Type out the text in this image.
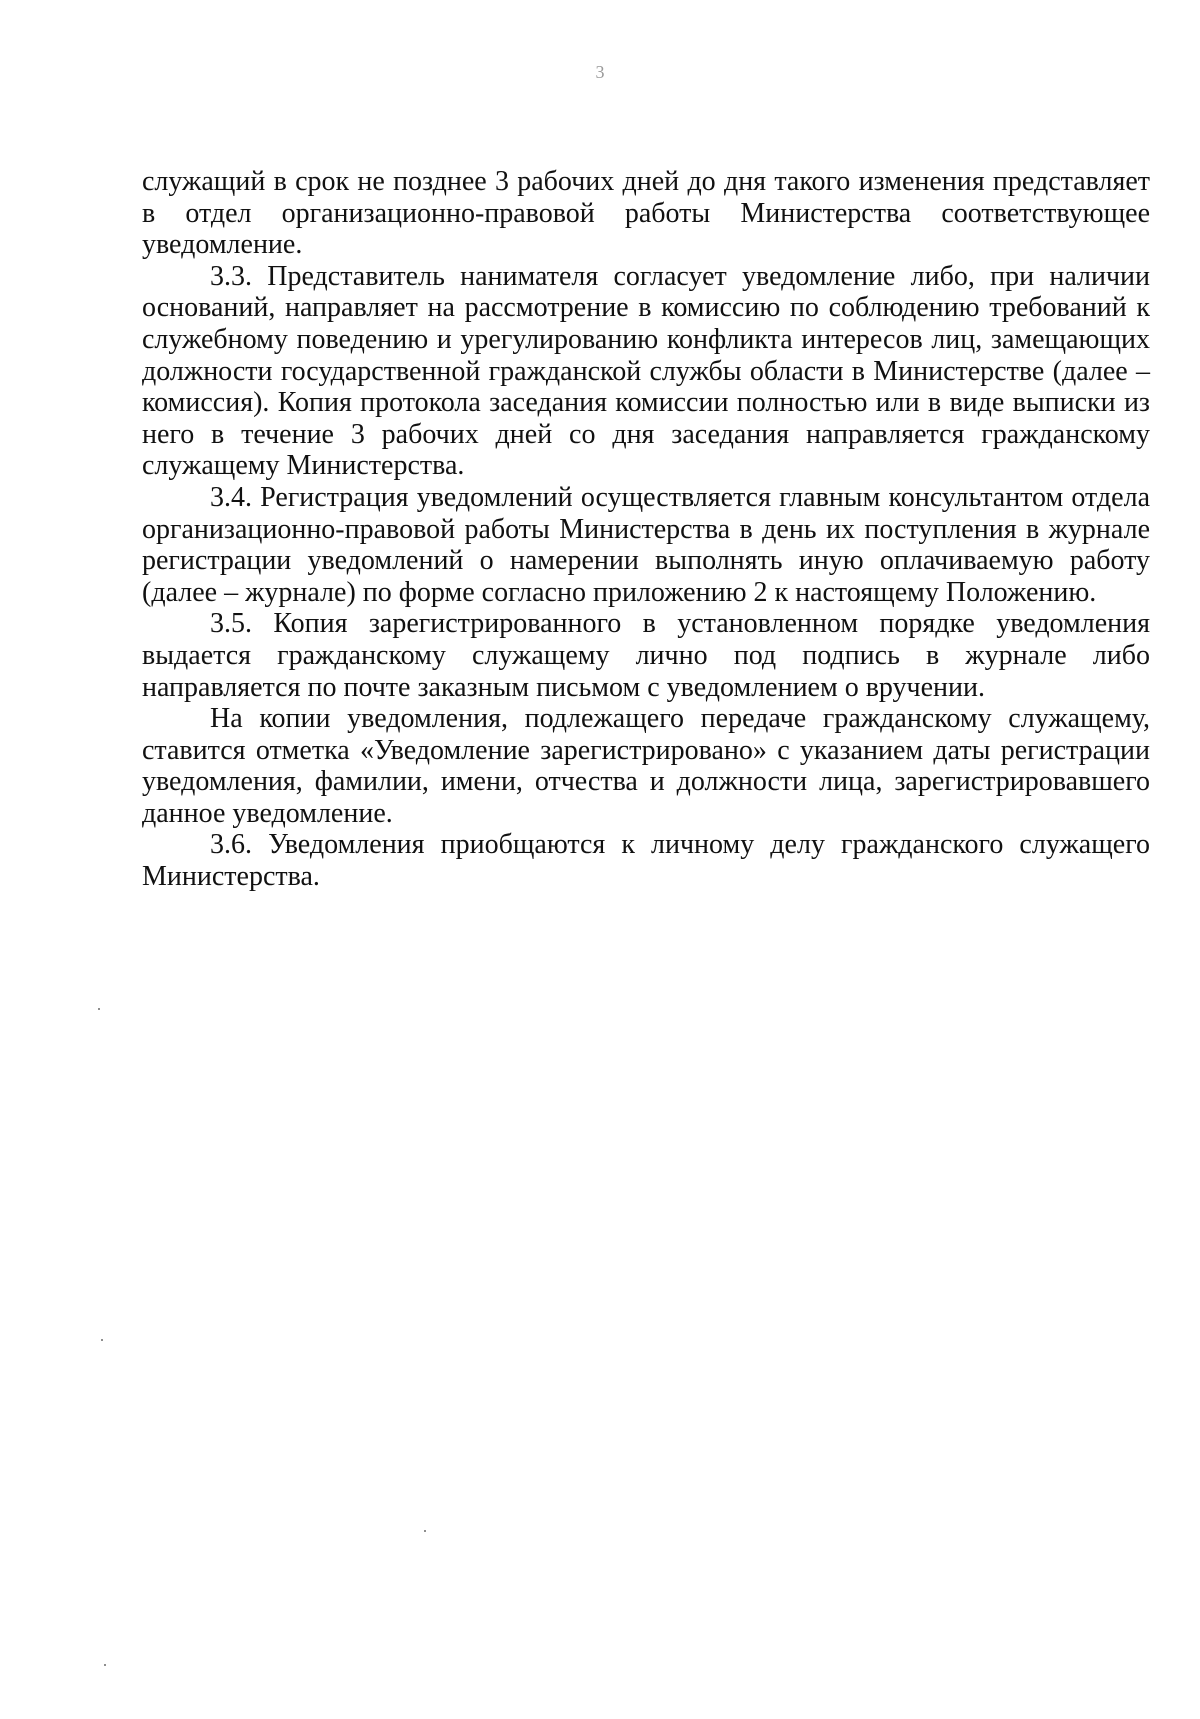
3

служащий в срок не позднее 3 рабочих дней до дня такого изменения представляет в отдел организационно-правовой работы Министерства соответствующее уведомление.

3.3. Представитель нанимателя согласует уведомление либо, при наличии оснований, направляет на рассмотрение в комиссию по соблюдению требований к служебному поведению и урегулированию конфликта интересов лиц, замещающих должности государственной гражданской службы области в Министерстве (далее – комиссия). Копия протокола заседания комиссии полностью или в виде выписки из него в течение 3 рабочих дней со дня заседания направляется гражданскому служащему Министерства.

3.4. Регистрация уведомлений осуществляется главным консультантом отдела организационно-правовой работы Министерства в день их поступления в журнале регистрации уведомлений о намерении выполнять иную оплачиваемую работу (далее – журнале) по форме согласно приложению 2 к настоящему Положению.

3.5. Копия зарегистрированного в установленном порядке уведомления выдается гражданскому служащему лично под подпись в журнале либо направляется по почте заказным письмом с уведомлением о вручении.

На копии уведомления, подлежащего передаче гражданскому служащему, ставится отметка «Уведомление зарегистрировано» с указанием даты регистрации уведомления, фамилии, имени, отчества и должности лица, зарегистрировавшего данное уведомление.

3.6. Уведомления приобщаются к личному делу гражданского служащего Министерства.
